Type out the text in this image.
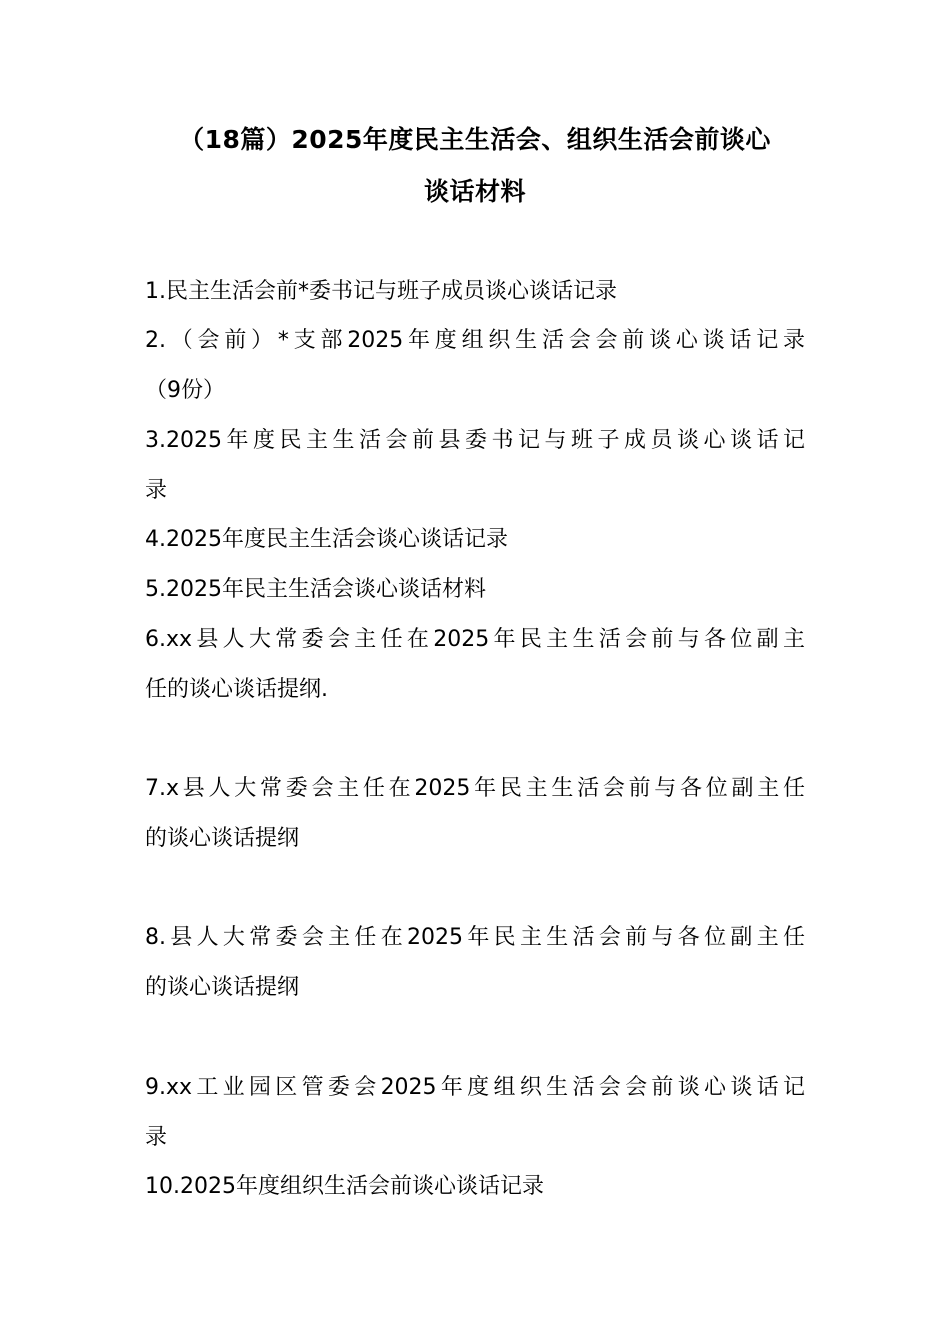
（18篇）2025年度民主生活会、组织生活会前谈心
谈话材料
1.民主生活会前*委书记与班子成员谈心谈话记录
2.（会前）*支部2025年度组织生活会会前谈心谈话记录
（9份）
3.2025年度民主生活会前县委书记与班子成员谈心谈话记
录
4.2025年度民主生活会谈心谈话记录
5.2025年民主生活会谈心谈话材料
6.xx县人大常委会主任在2025年民主生活会前与各位副主
任的谈心谈话提纲.
7.x县人大常委会主任在2025年民主生活会前与各位副主任
的谈心谈话提纲
8.县人大常委会主任在2025年民主生活会前与各位副主任
的谈心谈话提纲
9.xx工业园区管委会2025年度组织生活会会前谈心谈话记
录
10.2025年度组织生活会前谈心谈话记录
